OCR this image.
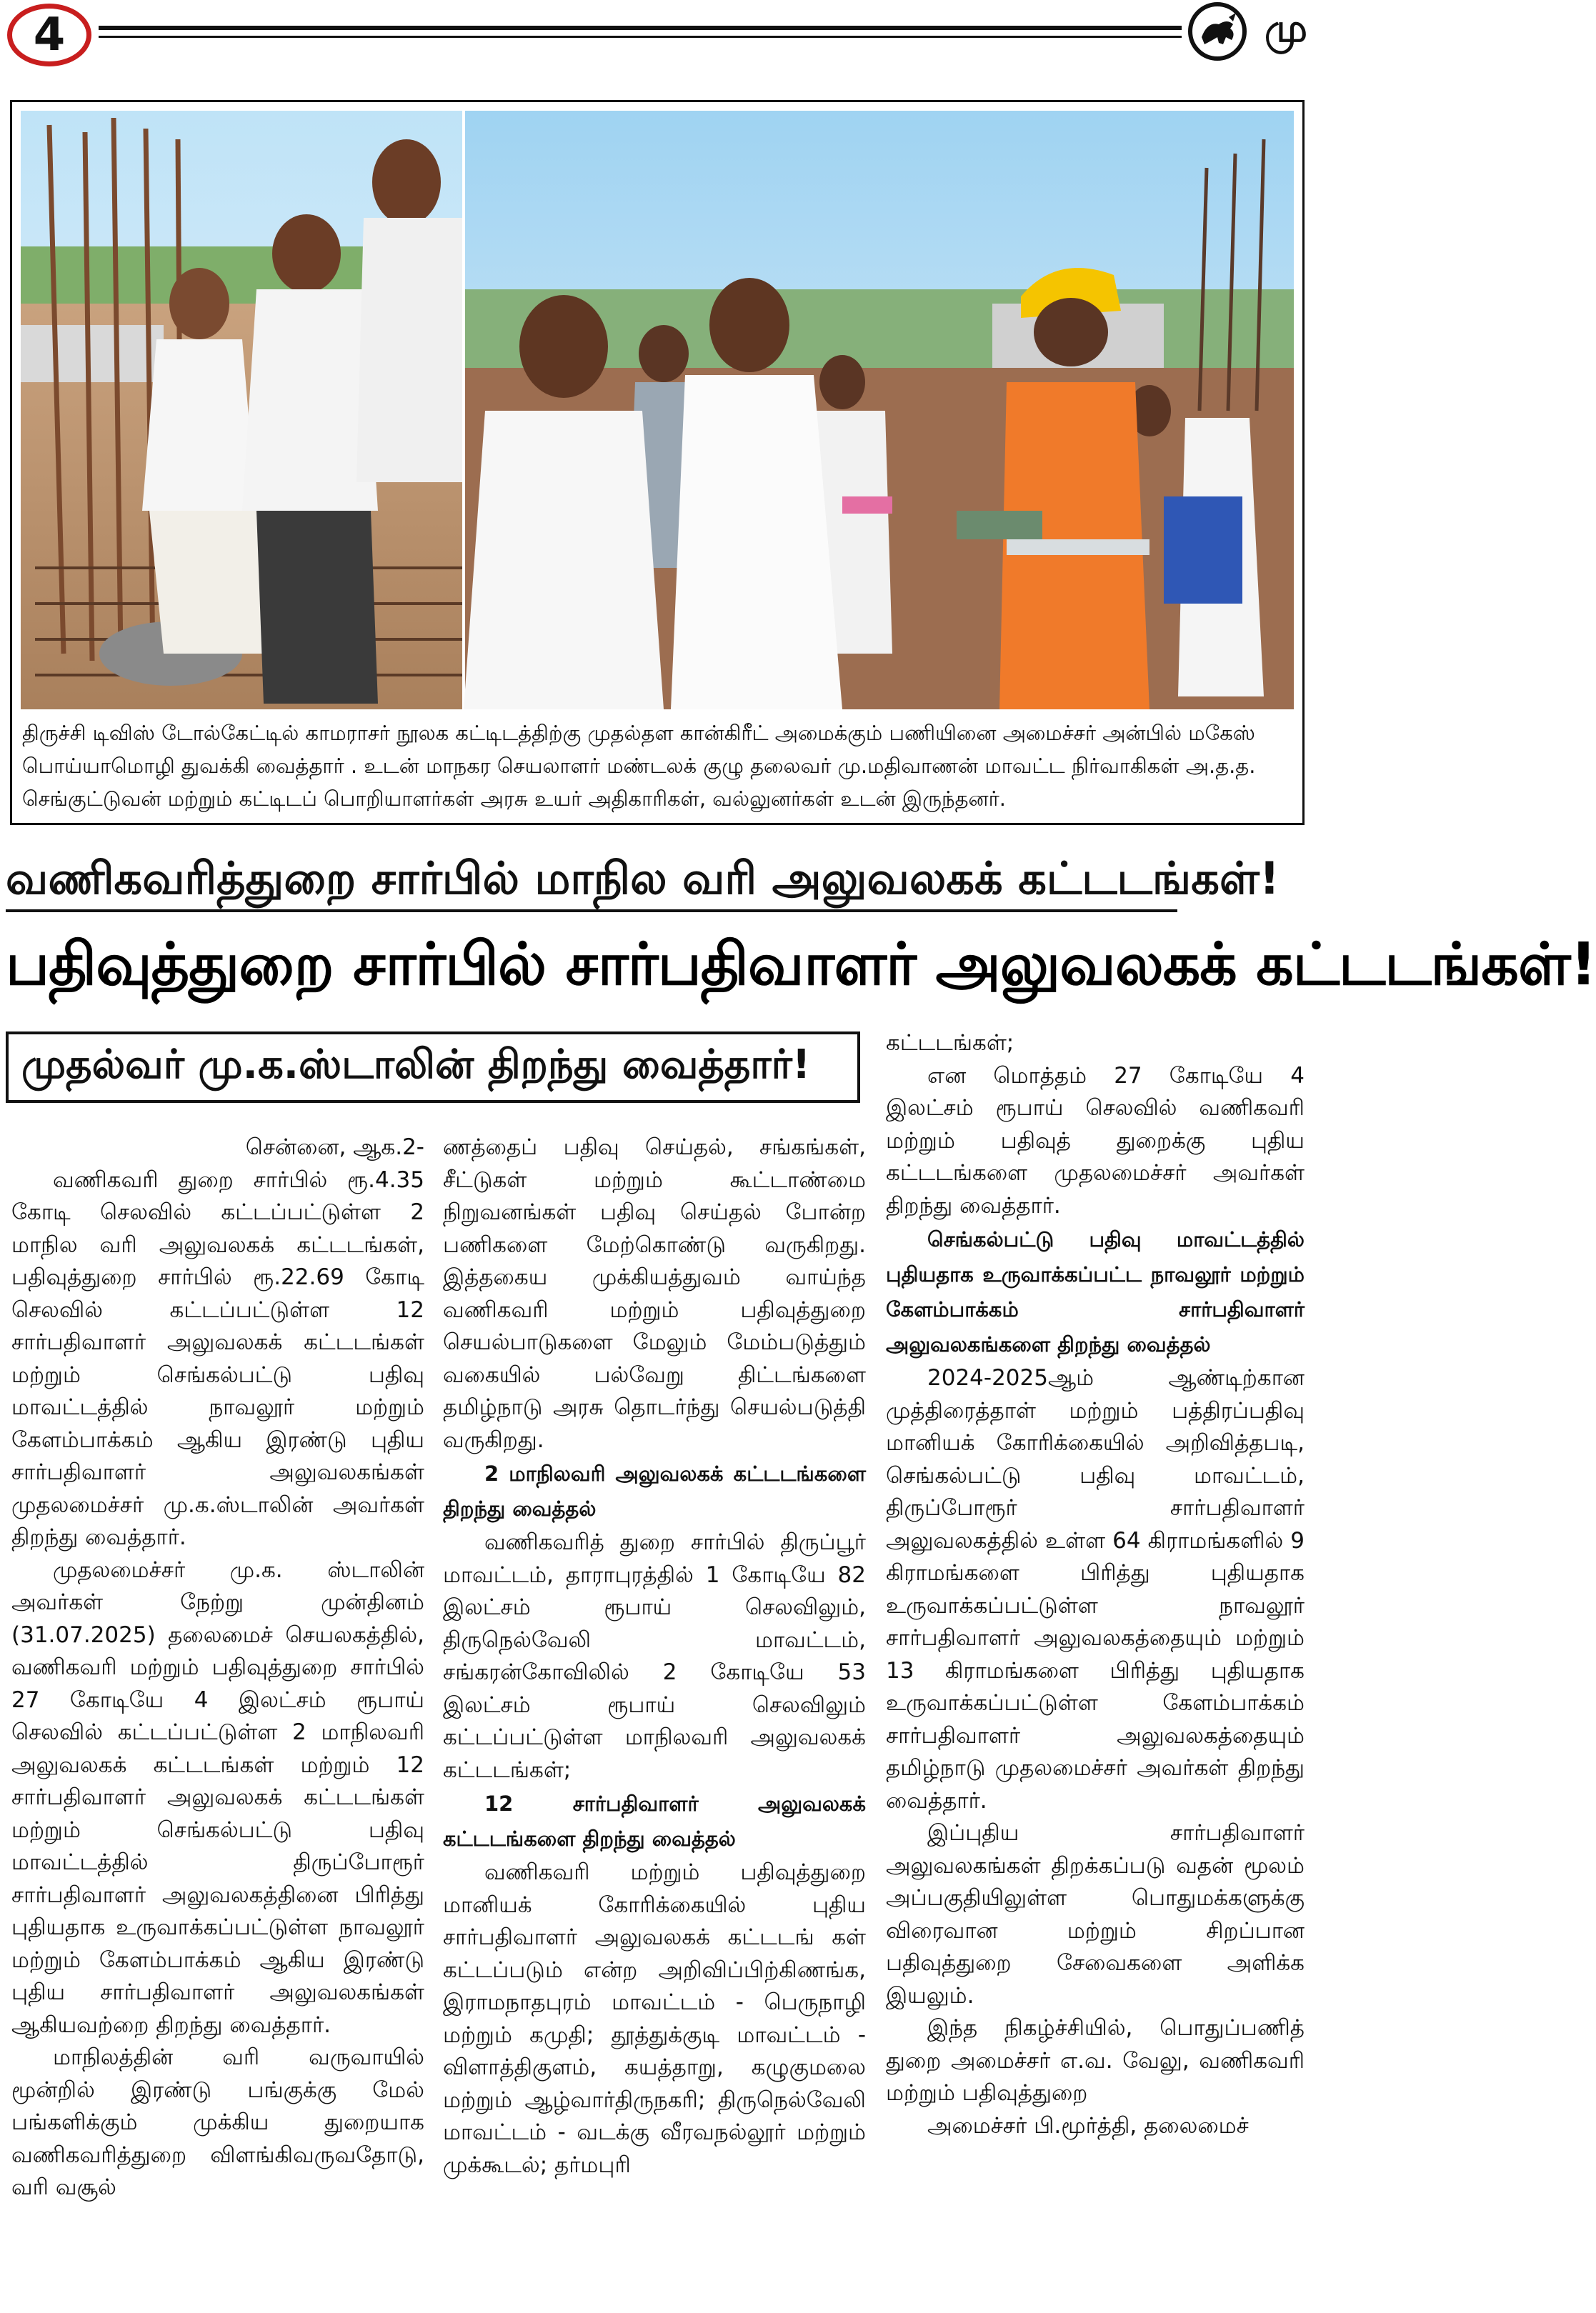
4	மு
திருச்சி டிவிஸ் டோல்கேட்டில் காமராசர் நூலக கட்டிடத்திற்கு முதல்தள கான்கிரீட் அமைக்கும் பணியினை அமைச்சர் அன்பில் மகேஸ் பொய்யாமொழி துவக்கி வைத்தார் . உடன் மாநகர செயலாளர் மண்டலக் குழு தலைவர் மு.மதிவாணன் மாவட்ட நிர்வாகிகள் அ.த.த. செங்குட்டுவன் மற்றும் கட்டிடப் பொறியாளர்கள் அரசு உயர் அதிகாரிகள், வல்லுனர்கள் உடன் இருந்தனர்.
வணிகவரித்துறை சார்பில் மாநில வரி அலுவலகக் கட்டடங்கள்!
பதிவுத்துறை சார்பில் சார்பதிவாளர் அலுவலகக் கட்டடங்கள்!
முதல்வர் மு.க.ஸ்டாலின் திறந்து வைத்தார்!

சென்னை, ஆக.2-

வணிகவரி துறை சார்பில் ரூ.4.35 கோடி செலவில் கட்டப்பட்டுள்ள 2 மாநில வரி அலுவலகக் கட்டடங்கள், பதிவுத்துறை சார்பில் ரூ.22.69 கோடி செலவில் கட்டப்பட்டுள்ள 12 சார்பதிவாளர் அலுவலகக் கட்டடங்கள் மற்றும் செங்கல்பட்டு பதிவு மாவட்டத்தில் நாவலூர் மற்றும் கேளம்பாக்கம் ஆகிய இரண்டு புதிய சார்பதிவாளர் அலுவலகங்கள் முதலமைச்சர் மு.க.ஸ்டாலின் அவர்கள் திறந்து வைத்தார்.

முதலமைச்சர் மு.க. ஸ்டாலின் அவர்கள் நேற்று முன்தினம் (31.07.2025) தலைமைச் செயலகத்தில், வணிகவரி மற்றும் பதிவுத்துறை சார்பில் 27 கோடியே 4 இலட்சம் ரூபாய் செலவில் கட்டப்பட்டுள்ள 2 மாநிலவரி அலுவலகக் கட்டடங்கள் மற்றும் 12 சார்பதிவாளர் அலுவலகக் கட்டடங்கள் மற்றும் செங்கல்பட்டு பதிவு மாவட்டத்தில் திருப்போரூர் சார்பதிவாளர் அலுவலகத்தினை பிரித்து புதியதாக உருவாக்கப்பட்டுள்ள நாவலூர் மற்றும் கேளம்பாக்கம் ஆகிய இரண்டு புதிய சார்பதிவாளர் அலுவலகங்கள் ஆகியவற்றை திறந்து வைத்தார்.

மாநிலத்தின் வரி வருவாயில் மூன்றில் இரண்டு பங்குக்கு மேல் பங்களிக்கும் முக்கிய துறையாக வணிகவரித்துறை விளங்கிவருவதோடு, வரி வசூல்

ணத்தைப் பதிவு செய்தல், சங்கங்கள், சீட்டுகள் மற்றும் கூட்டாண்மை நிறுவனங்கள் பதிவு செய்தல் போன்ற பணிகளை மேற்கொண்டு வருகிறது. இத்தகைய முக்கியத்துவம் வாய்ந்த வணிகவரி மற்றும் பதிவுத்துறை செயல்பாடுகளை மேலும் மேம்படுத்தும் வகையில் பல்வேறு திட்டங்களை தமிழ்நாடு அரசு தொடர்ந்து செயல்படுத்தி வருகிறது.

2 மாநிலவரி அலுவலகக் கட்டடங்களை திறந்து வைத்தல்

வணிகவரித் துறை சார்பில் திருப்பூர் மாவட்டம், தாராபுரத்தில் 1 கோடியே 82 இலட்சம் ரூபாய் செலவிலும், திருநெல்வேலி மாவட்டம், சங்கரன்கோவிலில் 2 கோடியே 53 இலட்சம் ரூபாய் செலவிலும் கட்டப்பட்டுள்ள மாநிலவரி அலுவலகக் கட்டடங்கள்;

12 சார்பதிவாளர் அலுவலகக் கட்டடங்களை திறந்து வைத்தல்

வணிகவரி மற்றும் பதிவுத்துறை மானியக் கோரிக்கையில் புதிய சார்பதிவாளர் அலுவலகக் கட்டடங் கள் கட்டப்படும் என்ற அறிவிப்பிற்கிணங்க, இராமநாதபுரம் மாவட்டம் - பெருநாழி மற்றும் கமுதி; தூத்துக்குடி மாவட்டம் - விளாத்திகுளம், கயத்தாறு, கழுகுமலை மற்றும் ஆழ்வார்திருநகரி; திருநெல்வேலி மாவட்டம் - வடக்கு வீரவநல்லூர் மற்றும் முக்கூடல்; தர்மபுரி

கட்டடங்கள்;

என மொத்தம் 27 கோடியே 4 இலட்சம் ரூபாய் செலவில் வணிகவரி மற்றும் பதிவுத் துறைக்கு புதிய கட்டடங்களை முதலமைச்சர் அவர்கள் திறந்து வைத்தார்.

செங்கல்பட்டு பதிவு மாவட்டத்தில் புதியதாக உருவாக்கப்பட்ட நாவலூர் மற்றும் கேளம்பாக்கம் சார்பதிவாளர் அலுவலகங்களை திறந்து வைத்தல்

2024-2025ஆம் ஆண்டிற்கான முத்திரைத்தாள் மற்றும் பத்திரப்பதிவு மானியக் கோரிக்கையில் அறிவித்தபடி, செங்கல்பட்டு பதிவு மாவட்டம், திருப்போரூர் சார்பதிவாளர் அலுவலகத்தில் உள்ள 64 கிராமங்களில் 9 கிராமங்களை பிரித்து புதியதாக உருவாக்கப்பட்டுள்ள நாவலூர் சார்பதிவாளர் அலுவலகத்தையும் மற்றும் 13 கிராமங்களை பிரித்து புதியதாக உருவாக்கப்பட்டுள்ள கேளம்பாக்கம் சார்பதிவாளர் அலுவலகத்தையும் தமிழ்நாடு முதலமைச்சர் அவர்கள் திறந்து வைத்தார்.

இப்புதிய சார்பதிவாளர் அலுவலகங்கள் திறக்கப்படு வதன் மூலம் அப்பகுதியிலுள்ள பொதுமக்களுக்கு விரைவான மற்றும் சிறப்பான பதிவுத்துறை சேவைகளை அளிக்க இயலும்.

இந்த நிகழ்ச்சியில், பொதுப்பணித் துறை அமைச்சர் எ.வ. வேலு, வணிகவரி மற்றும் பதிவுத்துறை

அமைச்சர் பி.மூர்த்தி, தலைமைச்
